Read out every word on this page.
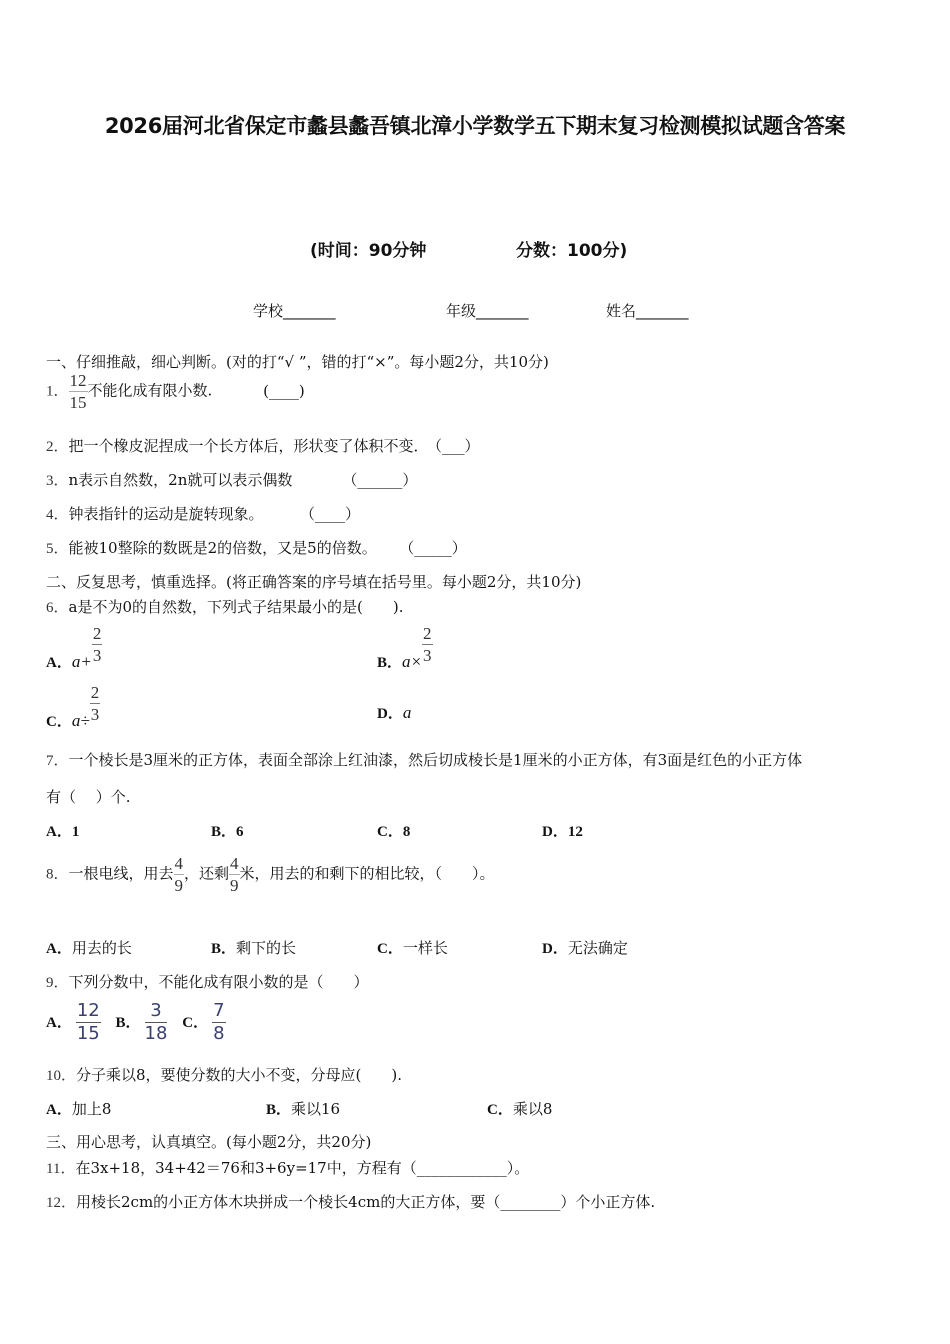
2026届河北省保定市蠡县蠡吾镇北漳小学数学五下期末复习检测模拟试题含答案
(时间：90分钟	分数：100分)
学校_______	年级_______	姓名_______
一、仔细推敲，细心判断。(对的打“√ ”，错的打“×”。每小题2分，共10分)
1． $\frac{12}{15}$ 不能化成有限小数.	(____)
2．把一个橡皮泥捏成一个长方体后，形状变了体积不变． （___）
3．n表示自然数，2n就可以表示偶数	（______）
4．钟表指针的运动是旋转现象。	（____）
5．能被10整除的数既是2的倍数，又是5的倍数。 （_____）
二、反复思考，慎重选择。(将正确答案的序号填在括号里。每小题2分，共10分)
6．a是不为0的自然数，下列式子结果最小的是(　　).
A．$a+ \frac{2}{3}$	B．$a\times \frac{2}{3}$
C．$a\div \frac{2}{3}$	D．a
7．一个棱长是3厘米的正方体，表面全部涂上红油漆，然后切成棱长是1厘米的小正方体，有3面是红色的小正方体
有（　 ）个.
A．1	B．6	C．8	D．12
8．一根电线，用去 $\frac{4}{9}$ ，还剩 $\frac{4}{9}$ 米，用去的和剩下的相比较，（　　）。
A．用去的长	B．剩下的长	C．一样长	D．无法确定
9．下列分数中，不能化成有限小数的是（　　）
A． $\frac{12}{15}$ B． $\frac{3}{18}$ C． $\frac{7}{8}$
10．分子乘以8，要使分数的大小不变，分母应(　　).
A．加上8	B．乘以16	C．乘以8
三、用心思考，认真填空。(每小题2分，共20分)
11．在3x+18，34+42＝76和3+6y=17中，方程有（____________）。
12．用棱长2cm的小正方体木块拼成一个棱长4cm的大正方体，要（________）个小正方体.
